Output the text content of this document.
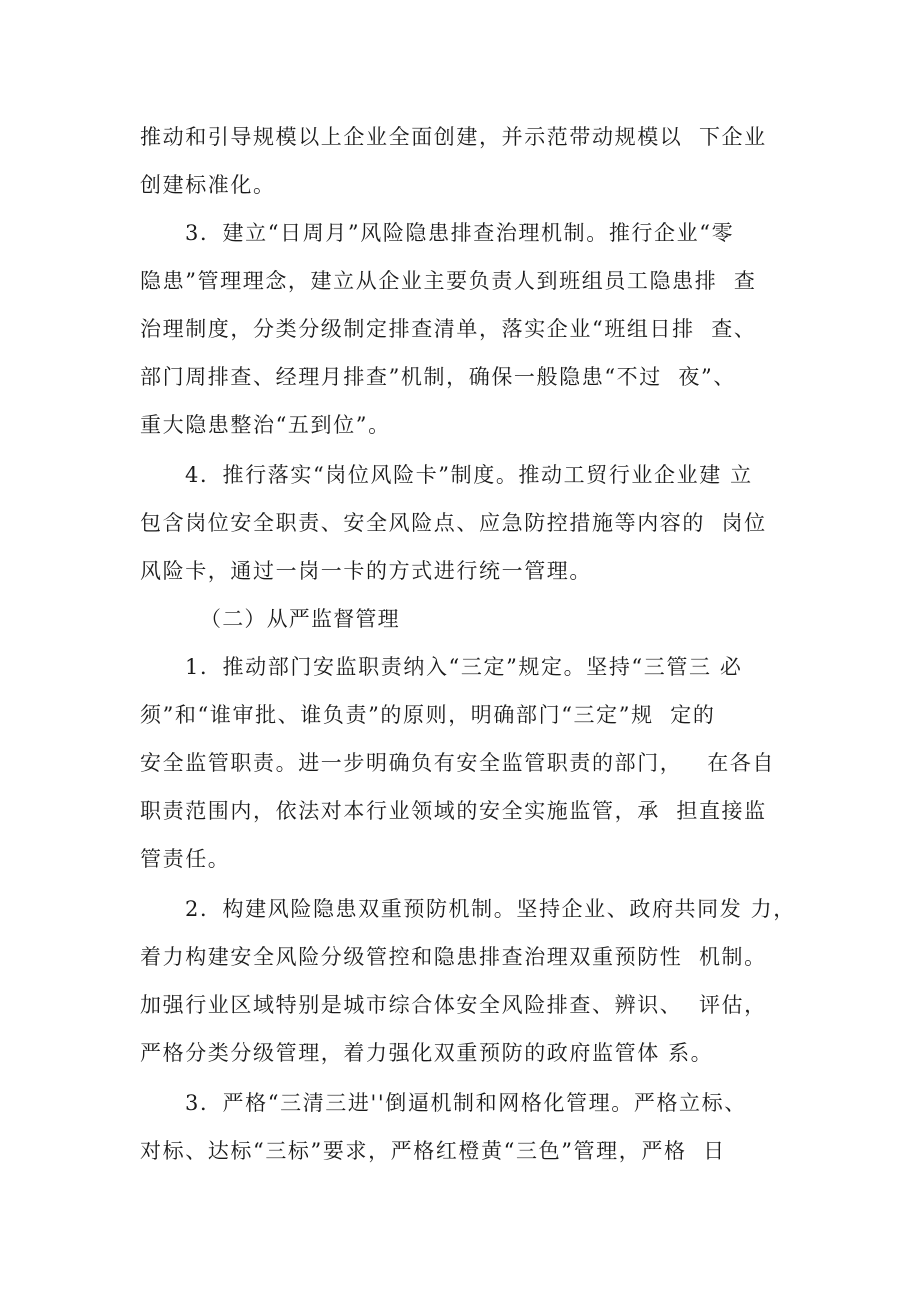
推动和引导规模以上企业全面创建，并示范带动规模以  下企业
创建标准化。
3．建立“日周月”风险隐患排查治理机制。推行企业“零
隐患”管理理念，建立从企业主要负责人到班组员工隐患排  查
治理制度，分类分级制定排查清单，落实企业“班组日排  查、
部门周排查、经理月排查”机制，确保一般隐患“不过  夜”、
重大隐患整治“五到位”。
4．推行落实“岗位风险卡”制度。推动工贸行业企业建 立
包含岗位安全职责、安全风险点、应急防控措施等内容的  岗位
风险卡，通过一岗一卡的方式进行统一管理。
（二）从严监督管理
1．推动部门安监职责纳入“三定”规定。坚持“三管三 必
须”和“谁审批、谁负责”的原则，明确部门“三定”规  定的
安全监管职责。进一步明确负有安全监管职责的部门，   在各自
职责范围内，依法对本行业领域的安全实施监管，承  担直接监
管责任。
2．构建风险隐患双重预防机制。坚持企业、政府共同发 力，
着力构建安全风险分级管控和隐患排查治理双重预防性  机制。
加强行业区域特别是城市综合体安全风险排查、辨识、  评估，
严格分类分级管理，着力强化双重预防的政府监管体 系。
3．严格“三清三进''倒逼机制和网格化管理。严格立标、
对标、达标“三标”要求，严格红橙黄“三色”管理，严格  日
